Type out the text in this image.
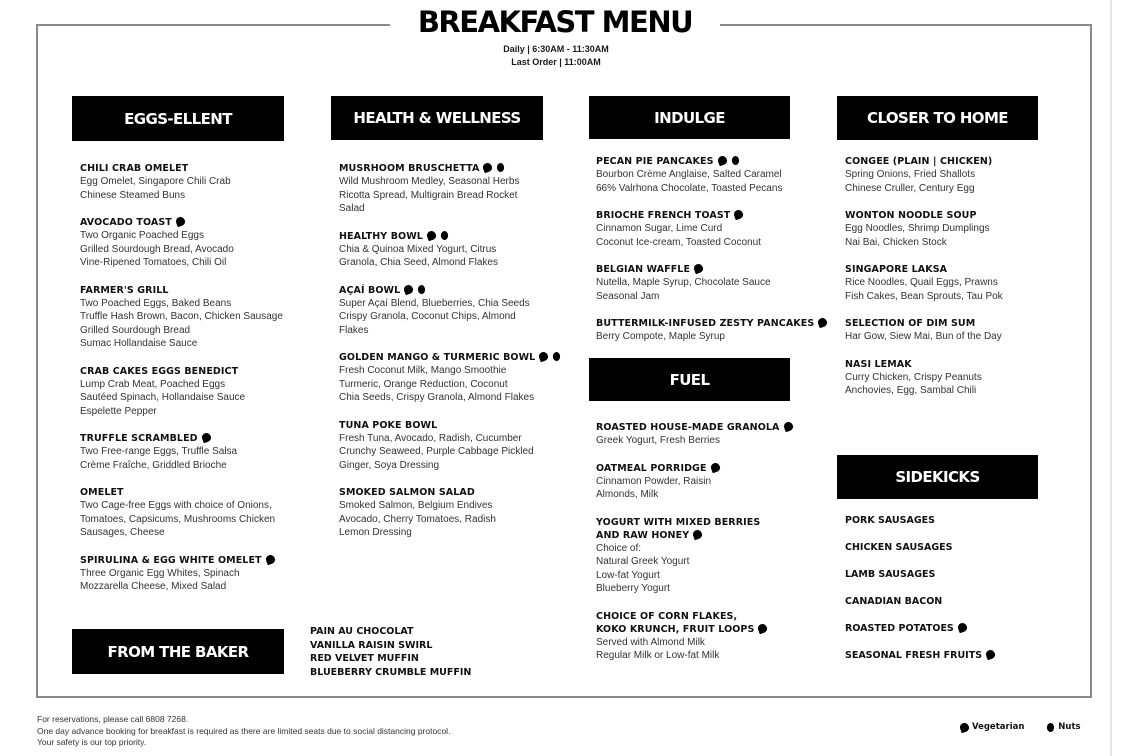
BREAKFAST MENU
Daily | 6:30AM - 11:30AM
Last Order | 11:00AM
EGGS-ELLENT	HEALTH & WELLNESS	INDULGE	CLOSER TO HOME
FUEL
SIDEKICKS
FROM THE BAKER
CHILI CRAB OMELET
Egg Omelet, Singapore Chili Crab
Chinese Steamed Buns
AVOCADO TOAST
Two Organic Poached Eggs
Grilled Sourdough Bread, Avocado
Vine-Ripened Tomatoes, Chili Oil
FARMER'S GRILL
Two Poached Eggs, Baked Beans
Truffle Hash Brown, Bacon, Chicken Sausage
Grilled Sourdough Bread
Sumac Hollandaise Sauce
CRAB CAKES EGGS BENEDICT
Lump Crab Meat, Poached Eggs
Sautéed Spinach, Hollandaise Sauce
Espelette Pepper
TRUFFLE SCRAMBLED
Two Free-range Eggs, Truffle Salsa
Crème Fraîche, Griddled Brioche
OMELET
Two Cage-free Eggs with choice of Onions,
Tomatoes, Capsicums, Mushrooms Chicken
Sausages, Cheese
SPIRULINA & EGG WHITE OMELET
Three Organic Egg Whites, Spinach
Mozzarella Cheese, Mixed Salad
MUSRHOOM BRUSCHETTA
Wild Mushroom Medley, Seasonal Herbs
Ricotta Spread, Multigrain Bread Rocket
Salad
HEALTHY BOWL
Chia & Quinoa Mixed Yogurt, Citrus
Granola, Chia Seed, Almond Flakes
AÇAÍ BOWL
Super Açaí Blend, Blueberries, Chia Seeds
Crispy Granola, Coconut Chips, Almond
Flakes
GOLDEN MANGO & TURMERIC BOWL
Fresh Coconut Milk, Mango Smoothie
Turmeric, Orange Reduction, Coconut
Chia Seeds, Crispy Granola, Almond Flakes
TUNA POKE BOWL
Fresh Tuna, Avocado, Radish, Cucumber
Crunchy Seaweed, Purple Cabbage Pickled
Ginger, Soya Dressing
SMOKED SALMON SALAD
Smoked Salmon, Belgium Endives
Avocado, Cherry Tomatoes, Radish
Lemon Dressing
PECAN PIE PANCAKES
Bourbon Crème Anglaise, Salted Caramel
66% Valrhona Chocolate, Toasted Pecans
BRIOCHE FRENCH TOAST
Cinnamon Sugar, Lime Curd
Coconut Ice-cream, Toasted Coconut
BELGIAN WAFFLE
Nutella, Maple Syrup, Chocolate Sauce
Seasonal Jam
BUTTERMILK-INFUSED ZESTY PANCAKES
Berry Compote, Maple Syrup
ROASTED HOUSE-MADE GRANOLA
Greek Yogurt, Fresh Berries
OATMEAL PORRIDGE
Cinnamon Powder, Raisin
Almonds, Milk
YOGURT WITH MIXED BERRIES
AND RAW HONEY
Choice of:
Natural Greek Yogurt
Low-fat Yogurt
Blueberry Yogurt
CHOICE OF CORN FLAKES,
KOKO KRUNCH, FRUIT LOOPS
Served with Almond Milk
Regular Milk or Low-fat Milk
CONGEE (PLAIN | CHICKEN)
Spring Onions, Fried Shallots
Chinese Cruller, Century Egg
WONTON NOODLE SOUP
Egg Noodles, Shrimp Dumplings
Nai Bai, Chicken Stock
SINGAPORE LAKSA
Rice Noodles, Quail Eggs, Prawns
Fish Cakes, Bean Sprouts, Tau Pok
SELECTION OF DIM SUM
Har Gow, Siew Mai, Bun of the Day
NASI LEMAK
Curry Chicken, Crispy Peanuts
Anchovies, Egg, Sambal Chili
PORK SAUSAGES
CHICKEN SAUSAGES
LAMB SAUSAGES
CANADIAN BACON
ROASTED POTATOES
SEASONAL FRESH FRUITS
PAIN AU CHOCOLAT
VANILLA RAISIN SWIRL
RED VELVET MUFFIN
BLUEBERRY CRUMBLE MUFFIN
For reservations, please call 6808 7268.
One day advance booking for breakfast is required as there are limited seats due to social distancing protocol.
Your safety is our top priority.
Vegetarian	Nuts
